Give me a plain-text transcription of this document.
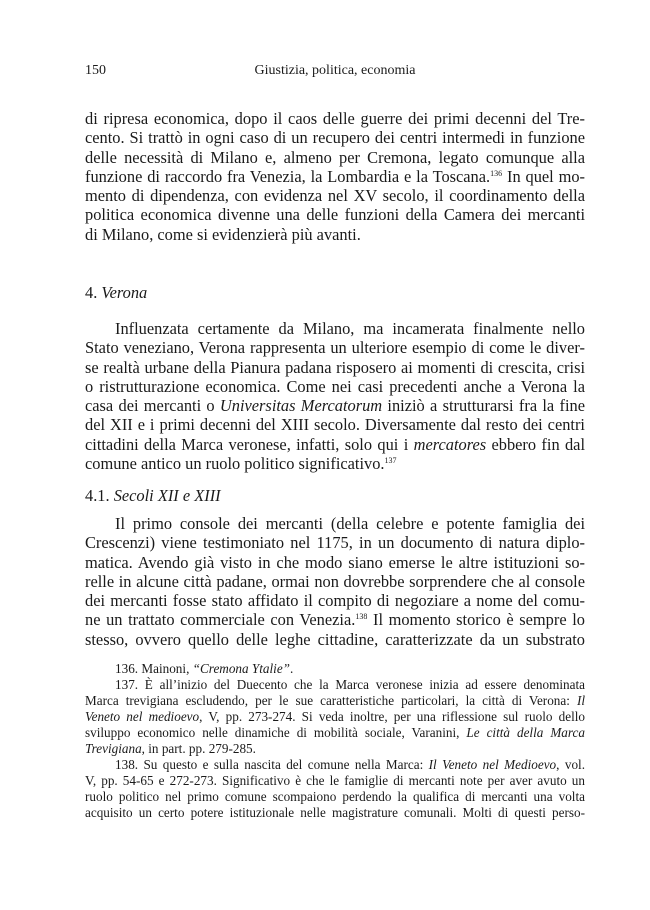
150	Giustizia, politica, economia
di ripresa economica, dopo il caos delle guerre dei primi decenni del Tre-
cento. Si trattò in ogni caso di un recupero dei centri intermedi in funzione
delle necessità di Milano e, almeno per Cremona, legato comunque alla
funzione di raccordo fra Venezia, la Lombardia e la Toscana.$^{136}$ In quel mo-
mento di dipendenza, con evidenza nel XV secolo, il coordinamento della
politica economica divenne una delle funzioni della Camera dei mercanti
di Milano, come si evidenzierà più avanti.
4. Verona
Influenzata certamente da Milano, ma incamerata finalmente nello
Stato veneziano, Verona rappresenta un ulteriore esempio di come le diver-
se realtà urbane della Pianura padana risposero ai momenti di crescita, crisi
o ristrutturazione economica. Come nei casi precedenti anche a Verona la
casa dei mercanti o Universitas Mercatorum iniziò a strutturarsi fra la fine
del XII e i primi decenni del XIII secolo. Diversamente dal resto dei centri
cittadini della Marca veronese, infatti, solo qui i mercatores ebbero fin dal
comune antico un ruolo politico significativo.$^{137}$
4.1. Secoli XII e XIII
Il primo console dei mercanti (della celebre e potente famiglia dei
Crescenzi) viene testimoniato nel 1175, in un documento di natura diplo-
matica. Avendo già visto in che modo siano emerse le altre istituzioni so-
relle in alcune città padane, ormai non dovrebbe sorprendere che al console
dei mercanti fosse stato affidato il compito di negoziare a nome del comu-
ne un trattato commerciale con Venezia.$^{138}$ Il momento storico è sempre lo
stesso, ovvero quello delle leghe cittadine, caratterizzate da un substrato
136. Mainoni, “Cremona Ytalie”.
137. È all’inizio del Duecento che la Marca veronese inizia ad essere denominata
Marca trevigiana escludendo, per le sue caratteristiche particolari, la città di Verona: Il
Veneto nel medioevo, V, pp. 273-274. Si veda inoltre, per una riflessione sul ruolo dello
sviluppo economico nelle dinamiche di mobilità sociale, Varanini, Le città della Marca
Trevigiana, in part. pp. 279-285.
138. Su questo e sulla nascita del comune nella Marca: Il Veneto nel Medioevo, vol.
V, pp. 54-65 e 272-273. Significativo è che le famiglie di mercanti note per aver avuto un
ruolo politico nel primo comune scompaiono perdendo la qualifica di mercanti una volta
acquisito un certo potere istituzionale nelle magistrature comunali. Molti di questi perso-
